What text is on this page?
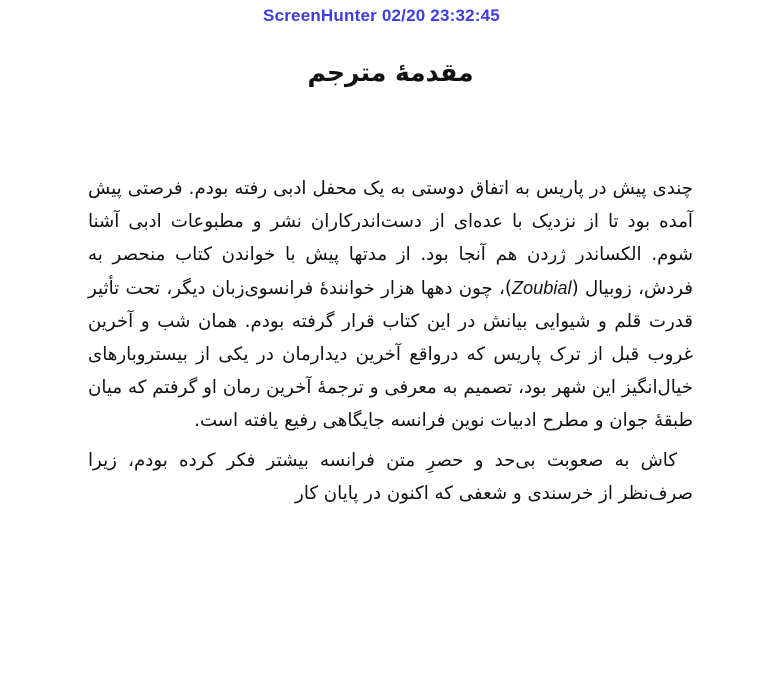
ScreenHunter 02/20 23:32:45
مقدمهٔ مترجم

چندی پیش در پاریس به اتفاق دوستی به یک محفل ادبی رفته بودم. فرصتی پیش آمده بود تا از نزدیک با عده‌ای از دست‌اندرکاران نشر و مطبوعات ادبی آشنا شوم. الکساندر ژردن هم آنجا بود. از مدتها پیش با خواندن کتاب منحصر به فردش، زوبیال (Zoubial)، چون دهها هزار خوانندهٔ فرانسوی‌زبان دیگر، تحت تأثیر قدرت قلم و شیوایی بیانش در این کتاب قرار گرفته بودم. همان شب و آخرین غروب قبل از ترک پاریس که درواقع آخرین دیدارمان در یکی از بیستروبارهای خیال‌انگیز این شهر بود، تصمیم به معرفی و ترجمهٔ آخرین رمان او گرفتم که میان طبقهٔ جوان و مطرح ادبیات نوین فرانسه جایگاهی رفیع یافته است.

کاش به صعوبت بی‌حد و حصرِ متن فرانسه بیشتر فکر کرده بودم، زیرا صرف‌نظر از خرسندی و شعفی که اکنون در پایان کار
